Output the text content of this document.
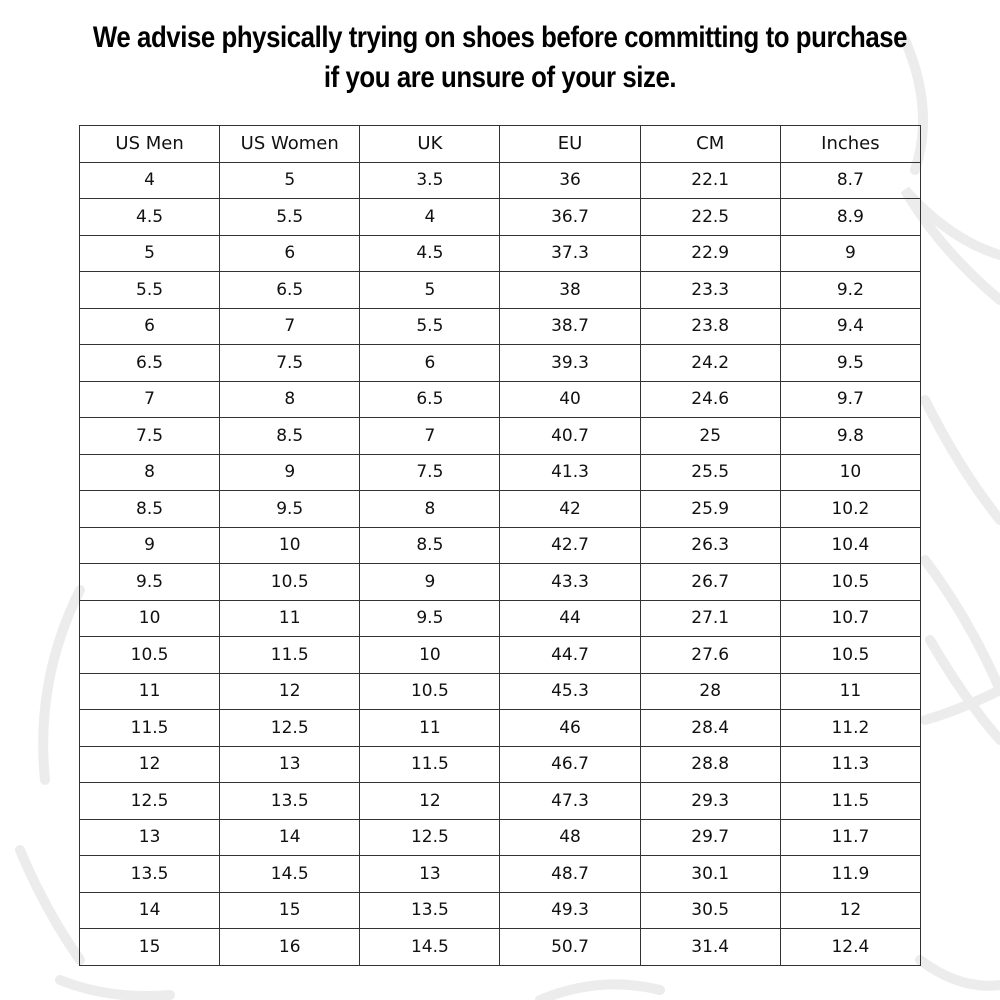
We advise physically trying on shoes before committing to purchase
if you are unsure of your size.
US Men	US Women	UK	EU	CM	Inches
4	5	3.5	36	22.1	8.7
4.5	5.5	4	36.7	22.5	8.9
5	6	4.5	37.3	22.9	9
5.5	6.5	5	38	23.3	9.2
6	7	5.5	38.7	23.8	9.4
6.5	7.5	6	39.3	24.2	9.5
7	8	6.5	40	24.6	9.7
7.5	8.5	7	40.7	25	9.8
8	9	7.5	41.3	25.5	10
8.5	9.5	8	42	25.9	10.2
9	10	8.5	42.7	26.3	10.4
9.5	10.5	9	43.3	26.7	10.5
10	11	9.5	44	27.1	10.7
10.5	11.5	10	44.7	27.6	10.5
11	12	10.5	45.3	28	11
11.5	12.5	11	46	28.4	11.2
12	13	11.5	46.7	28.8	11.3
12.5	13.5	12	47.3	29.3	11.5
13	14	12.5	48	29.7	11.7
13.5	14.5	13	48.7	30.1	11.9
14	15	13.5	49.3	30.5	12
15	16	14.5	50.7	31.4	12.4
